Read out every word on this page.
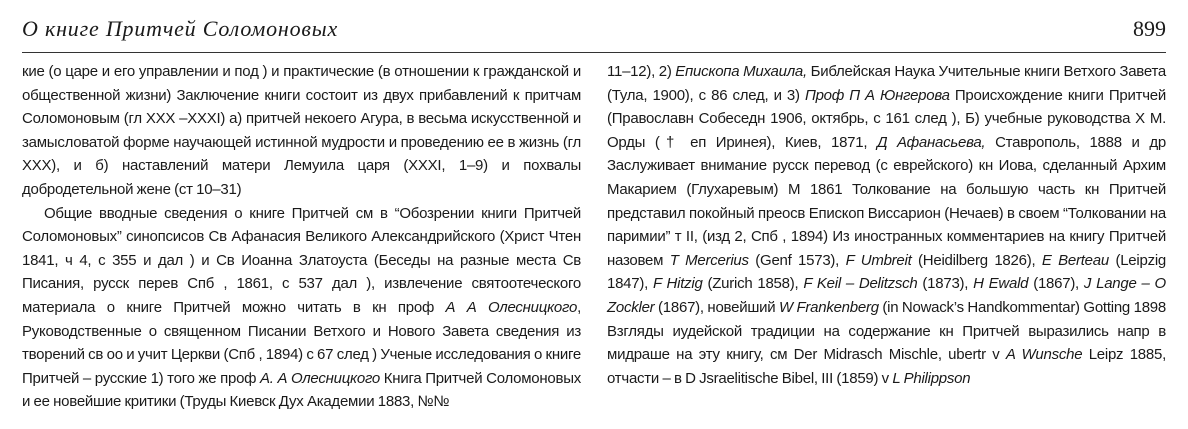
О книге Притчей Соломоновых	899

кие (о царе и его управлении и под ) и практические (в отношении к гражданской и общественной жизни) Заключение книги состоит из двух прибавлений к притчам Соломоновым (гл XXX –XXXI) а) притчей некоего Агура, в весьма искусственной и замысловатой форме научающей истинной мудрости и проведению ее в жизнь (гл XXX), и б) наставлений матери Лемуила царя (XXXI, 1–9) и похвалы добродетельной жене (ст 10–31)

Общие вводные сведения о книге Притчей см в “Обозрении книги Притчей Соломоновых” синопсисов Св Афанасия Великого Александрийского (Христ Чтен 1841, ч 4, с 355 и дал ) и Св Иоанна Златоуста (Беседы на разные места Св Писания, русск перев Спб , 1861, с 537 дал ), извлечение святоотеческого материала о книге Притчей можно читать в кн проф А А Олесницкого, Руководственные о священном Писании Ветхого и Нового Завета сведения из творений св оо и учит Церкви (Спб , 1894) с 67 след ) Ученые исследования о книге Притчей – русские 1) того же проф А. А Олесницкого Книга Притчей Соломоновых и ее новейшие критики (Труды Киевск Дух Академии 1883, №№

11–12), 2) Епископа Михаила, Библейская Наука Учительные книги Ветхого Завета (Тула, 1900), с 86 след, и 3) Проф П А Юнгерова Происхождение книги Притчей (Православн Собеседн 1906, октябрь, с 161 след ), Б) учебные руководства Х М. Орды († еп Иринея), Киев, 1871, Д Афанасьева, Ставрополь, 1888 и др Заслуживает внимание русск перевод (с еврейского) кн Иова, сделанный Архим Макарием (Глухаревым) М 1861 Толкование на большую часть кн Притчей представил покойный преосв Епископ Виссарион (Нечаев) в своем “Толковании на паримии” т II, (изд 2, Спб , 1894) Из иностранных комментариев на книгу Притчей назовем T Mercerius (Genf 1573), F Umbreit (Heidilberg 1826), E Berteau (Leipzig 1847), F Hitzig (Zurich 1858), F Keil – Delitzsch (1873), H Ewald (1867), J Lange – O Zockler (1867), новейший W Frankenberg (in Nowack’s Handkommentar) Gotting 1898 Взгляды иудейской традиции на содержание кн Притчей выразились напр в мидраше на эту книгу, см Der Midrasch Mischle, ubertr v A Wunsche Leipz 1885, отчасти – в D Jsraelitische Bibel, III (1859) v L Philippson
